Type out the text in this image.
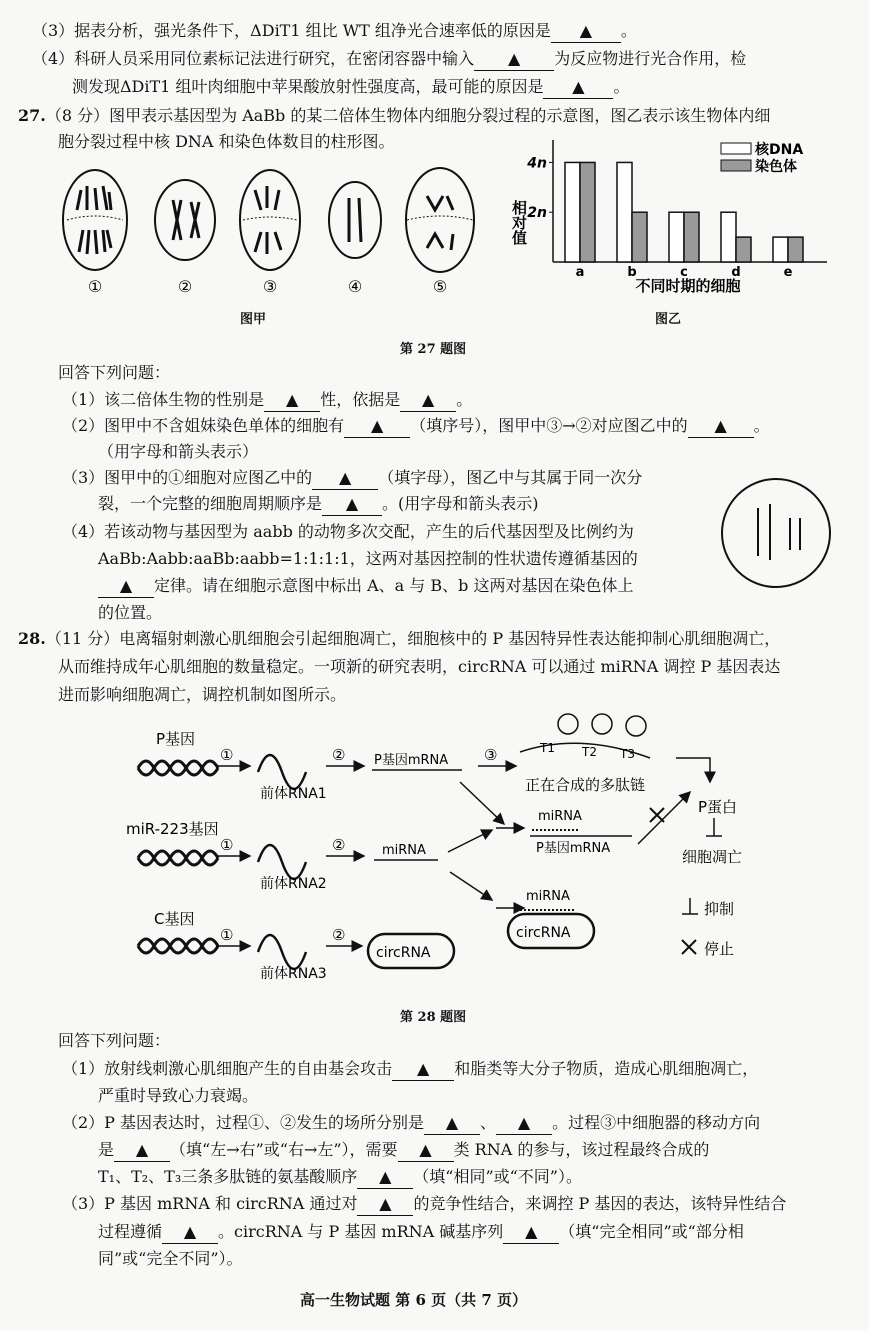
（3）据表分析，强光条件下，ΔDiT1 组比 WT 组净光合速率低的原因是 ▲ 。
（4）科研人员采用同位素标记法进行研究，在密闭容器中输入 ▲ 为反应物进行光合作用，检
测发现ΔDiT1 组叶肉细胞中苹果酸放射性强度高，最可能的原因是 ▲ 。
27.（8 分）图甲表示基因型为 AaBb 的某二倍体生物体内细胞分裂过程的示意图，图乙表示该生物体内细
胞分裂过程中核 DNA 和染色体数目的柱形图。
①	②	③	④	⑤
相对值 2n
4n
a	b	c	d	e
不同时期的细胞
核DNA
染色体
图甲	图乙
第 27 题图
回答下列问题：
（1）该二倍体生物的性别是 ▲ 性，依据是 ▲ 。
（2）图甲中不含姐妹染色单体的细胞有 ▲ （填序号），图甲中③→②对应图乙中的 ▲ 。
（用字母和箭头表示）
（3）图甲中的①细胞对应图乙中的 ▲ （填字母），图乙中与其属于同一次分
裂，一个完整的细胞周期顺序是 ▲ 。(用字母和箭头表示)
（4）若该动物与基因型为 aabb 的动物多次交配，产生的后代基因型及比例约为
AaBb:Aabb:aaBb:aabb=1:1:1:1，这两对基因控制的性状遗传遵循基因的
▲ 定律。请在细胞示意图中标出 A、a 与 B、b 这两对基因在染色体上
的位置。
28.（11 分）电离辐射刺激心肌细胞会引起细胞凋亡，细胞核中的 P 基因特异性表达能抑制心肌细胞凋亡，
从而维持成年心肌细胞的数量稳定。一项新的研究表明，circRNA 可以通过 miRNA 调控 P 基因表达
进而影响细胞凋亡，调控机制如图所示。
P基因
①
前体RNA1
② P基因mRNA ③	T1 T2 T3
正在合成的多肽链
P蛋白
细胞凋亡
miR-223基因
①
前体RNA2
②	miRNA
miRNA
P基因mRNA
C基因
①
前体RNA3
②
circRNA
miRNA
circRNA
抑制
停止
第 28 题图
回答下列问题：
（1）放射线刺激心肌细胞产生的自由基会攻击 ▲ 和脂类等大分子物质，造成心肌细胞凋亡，
严重时导致心力衰竭。
（2）P 基因表达时，过程①、②发生的场所分别是 ▲ 、 ▲ 。过程③中细胞器的移动方向
是 ▲ （填“左→右”或“右→左”），需要 ▲ 类 RNA 的参与，该过程最终合成的
T₁、T₂、T₃三条多肽链的氨基酸顺序 ▲ （填“相同”或“不同”）。
（3）P 基因 mRNA 和 circRNA 通过对 ▲ 的竞争性结合，来调控 P 基因的表达，该特异性结合
过程遵循 ▲ 。circRNA 与 P 基因 mRNA 碱基序列 ▲ （填“完全相同”或“部分相
同”或“完全不同”）。
高一生物试题 第 6 页（共 7 页）
